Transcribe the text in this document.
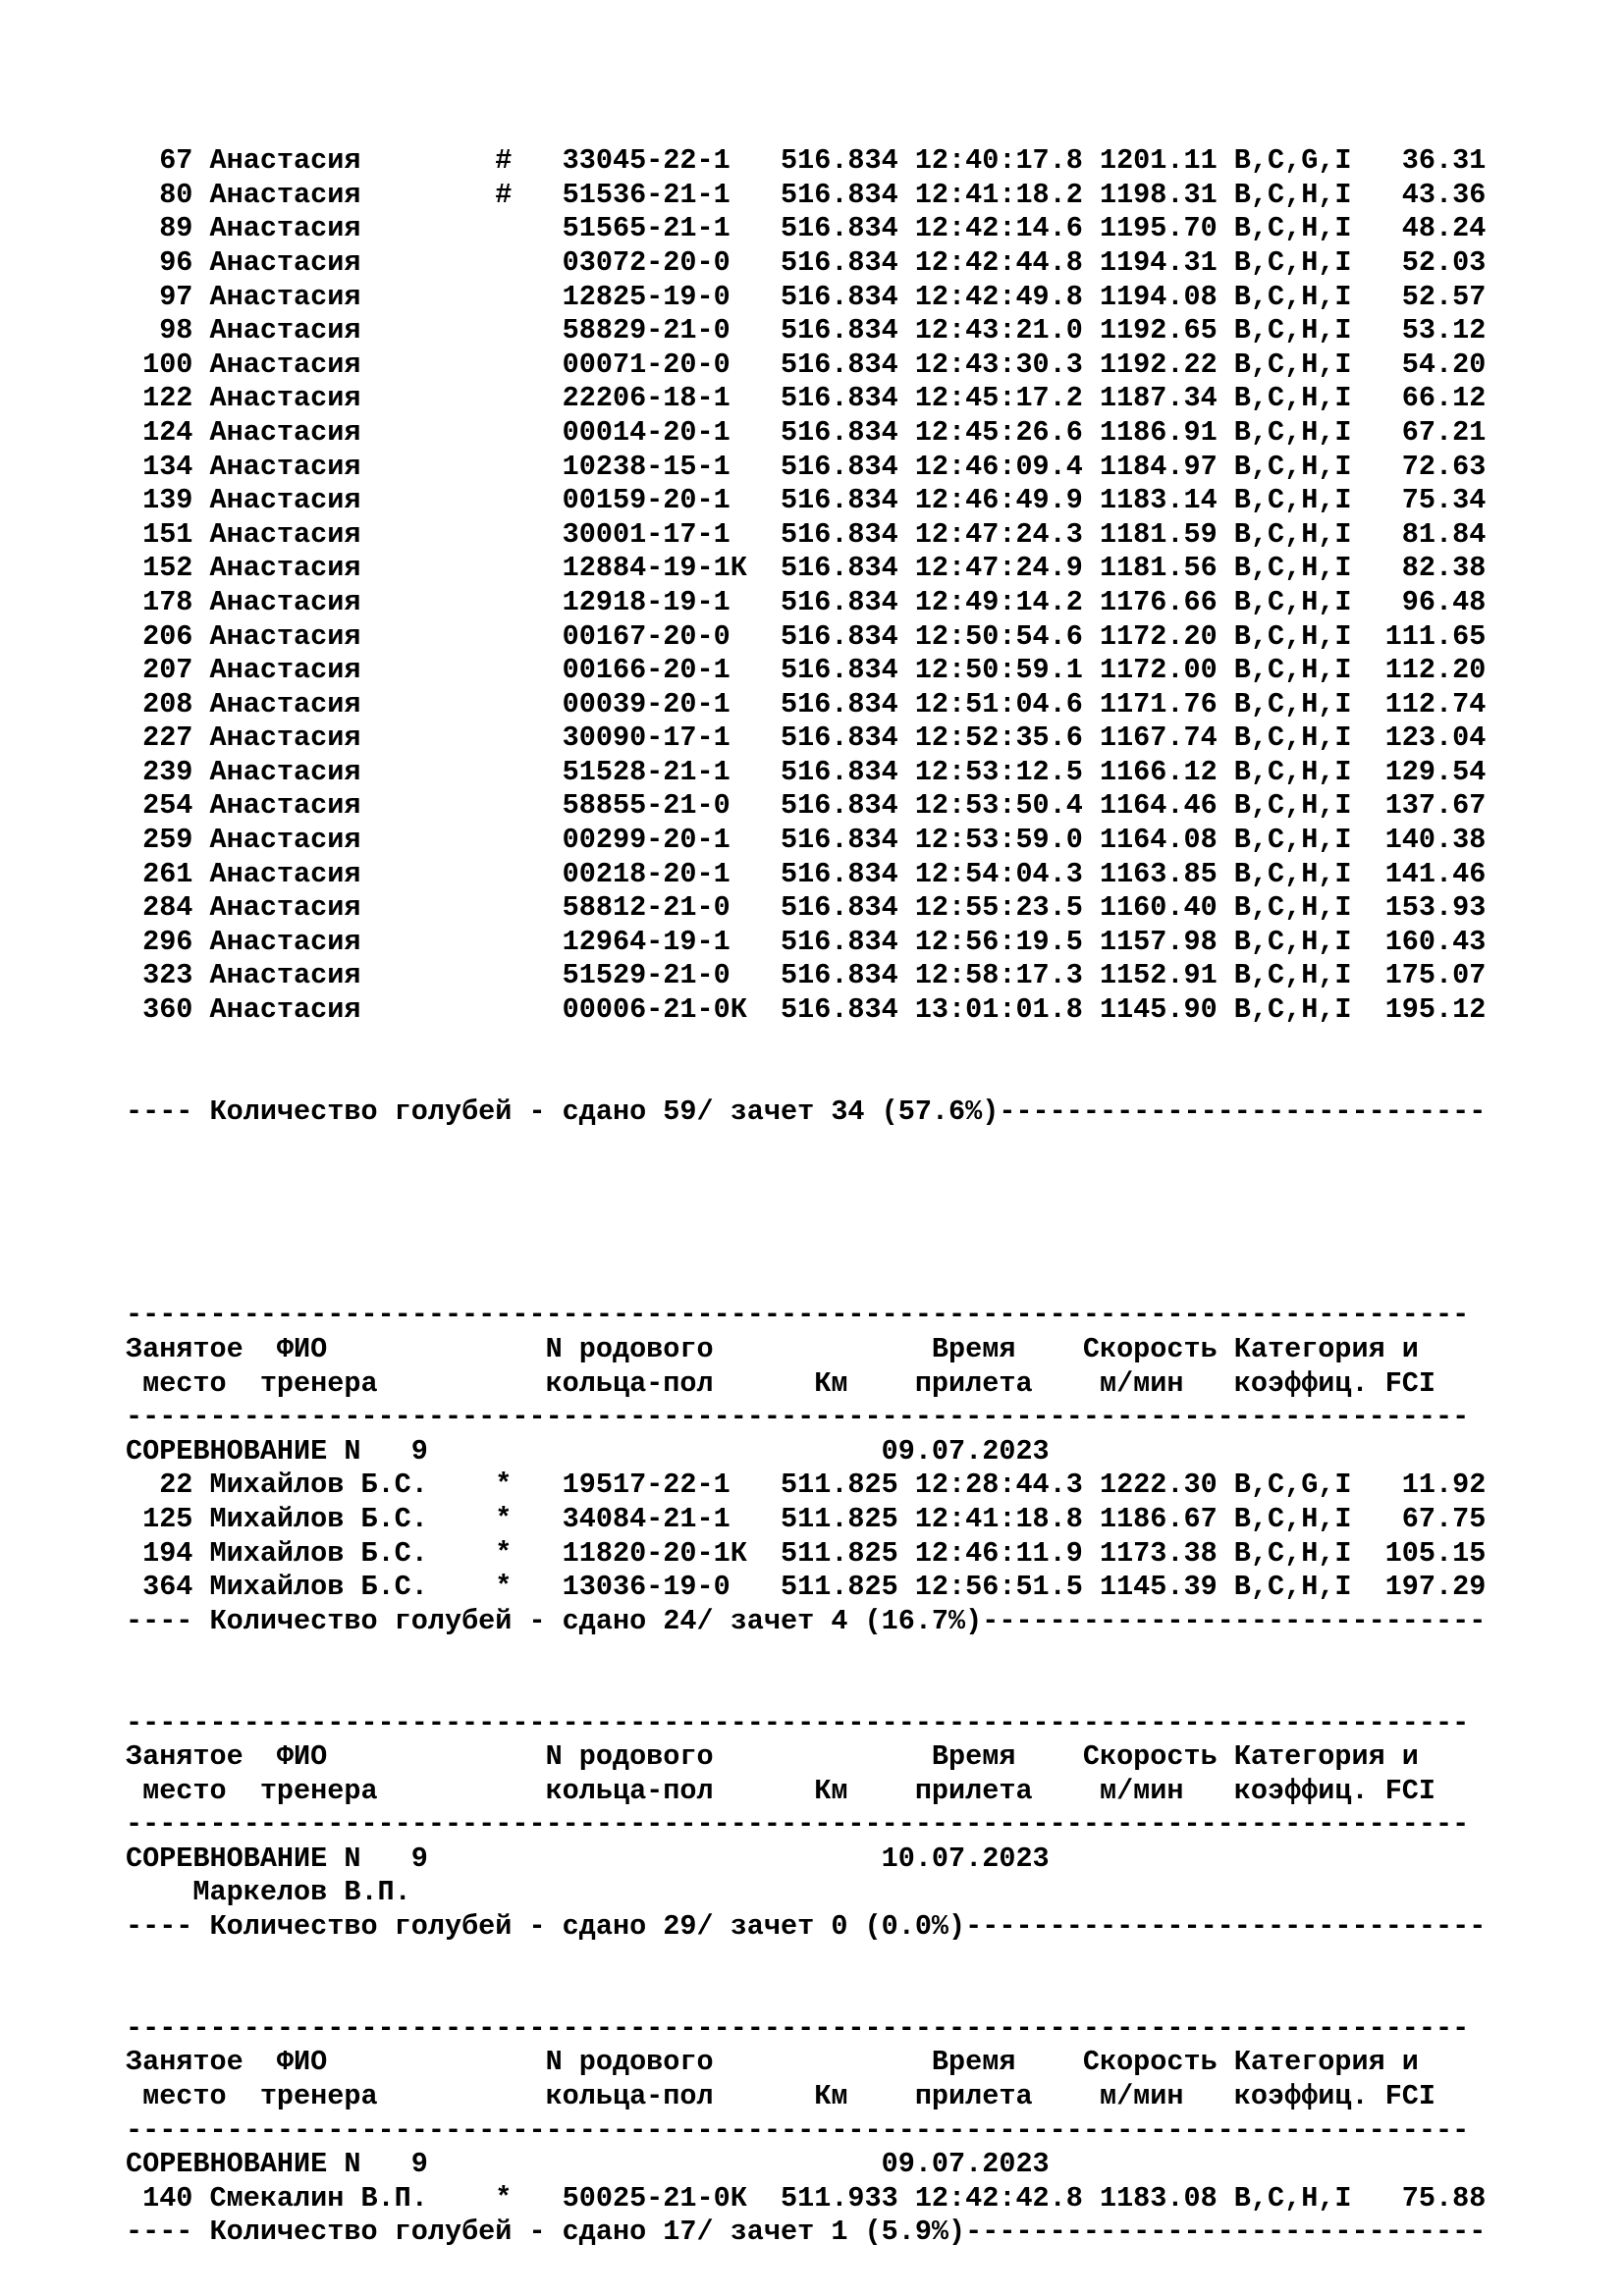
67 Анастасия        #   33045-22-1   516.834 12:40:17.8 1201.11 B,C,G,I   36.31
80 Анастасия        #   51536-21-1   516.834 12:41:18.2 1198.31 B,C,H,I   43.36
89 Анастасия            51565-21-1   516.834 12:42:14.6 1195.70 B,C,H,I   48.24
96 Анастасия            03072-20-0   516.834 12:42:44.8 1194.31 B,C,H,I   52.03
97 Анастасия            12825-19-0   516.834 12:42:49.8 1194.08 B,C,H,I   52.57
98 Анастасия            58829-21-0   516.834 12:43:21.0 1192.65 B,C,H,I   53.12
100 Анастасия            00071-20-0   516.834 12:43:30.3 1192.22 B,C,H,I   54.20
122 Анастасия            22206-18-1   516.834 12:45:17.2 1187.34 B,C,H,I   66.12
124 Анастасия            00014-20-1   516.834 12:45:26.6 1186.91 B,C,H,I   67.21
134 Анастасия            10238-15-1   516.834 12:46:09.4 1184.97 B,C,H,I   72.63
139 Анастасия            00159-20-1   516.834 12:46:49.9 1183.14 B,C,H,I   75.34
151 Анастасия            30001-17-1   516.834 12:47:24.3 1181.59 B,C,H,I   81.84
152 Анастасия            12884-19-1К  516.834 12:47:24.9 1181.56 B,C,H,I   82.38
178 Анастасия            12918-19-1   516.834 12:49:14.2 1176.66 B,C,H,I   96.48
206 Анастасия            00167-20-0   516.834 12:50:54.6 1172.20 B,C,H,I  111.65
207 Анастасия            00166-20-1   516.834 12:50:59.1 1172.00 B,C,H,I  112.20
208 Анастасия            00039-20-1   516.834 12:51:04.6 1171.76 B,C,H,I  112.74
227 Анастасия            30090-17-1   516.834 12:52:35.6 1167.74 B,C,H,I  123.04
239 Анастасия            51528-21-1   516.834 12:53:12.5 1166.12 B,C,H,I  129.54
254 Анастасия            58855-21-0   516.834 12:53:50.4 1164.46 B,C,H,I  137.67
259 Анастасия            00299-20-1   516.834 12:53:59.0 1164.08 B,C,H,I  140.38
261 Анастасия            00218-20-1   516.834 12:54:04.3 1163.85 B,C,H,I  141.46
284 Анастасия            58812-21-0   516.834 12:55:23.5 1160.40 B,C,H,I  153.93
296 Анастасия            12964-19-1   516.834 12:56:19.5 1157.98 B,C,H,I  160.43
323 Анастасия            51529-21-0   516.834 12:58:17.3 1152.91 B,C,H,I  175.07
360 Анастасия            00006-21-0К  516.834 13:01:01.8 1145.90 B,C,H,I  195.12

---- Количество голубей - сдано 59/ зачет 34 (57.6%)-----------------------------

--------------------------------------------------------------------------------
Занятое  ФИО             N родового             Время    Скорость Категория и
место  тренера          кольца-пол      Км    прилета    м/мин   коэффиц. FCI
--------------------------------------------------------------------------------
СОРЕВНОВАНИЕ N   9                           09.07.2023
22 Михайлов Б.С.    *   19517-22-1   511.825 12:28:44.3 1222.30 B,C,G,I   11.92
125 Михайлов Б.С.    *   34084-21-1   511.825 12:41:18.8 1186.67 B,C,H,I   67.75
194 Михайлов Б.С.    *   11820-20-1К  511.825 12:46:11.9 1173.38 B,C,H,I  105.15
364 Михайлов Б.С.    *   13036-19-0   511.825 12:56:51.5 1145.39 B,C,H,I  197.29
---- Количество голубей - сдано 24/ зачет 4 (16.7%)------------------------------
--------------------------------------------------------------------------------
Занятое  ФИО             N родового             Время    Скорость Категория и
место  тренера          кольца-пол      Км    прилета    м/мин   коэффиц. FCI
--------------------------------------------------------------------------------
СОРЕВНОВАНИЕ N   9                           10.07.2023
Маркелов В.П.
---- Количество голубей - сдано 29/ зачет 0 (0.0%)-------------------------------
--------------------------------------------------------------------------------
Занятое  ФИО             N родового             Время    Скорость Категория и
место  тренера          кольца-пол      Км    прилета    м/мин   коэффиц. FCI
--------------------------------------------------------------------------------
СОРЕВНОВАНИЕ N   9                           09.07.2023
140 Смекалин В.П.    *   50025-21-0К  511.933 12:42:42.8 1183.08 B,C,H,I   75.88
---- Количество голубей - сдано 17/ зачет 1 (5.9%)-------------------------------
